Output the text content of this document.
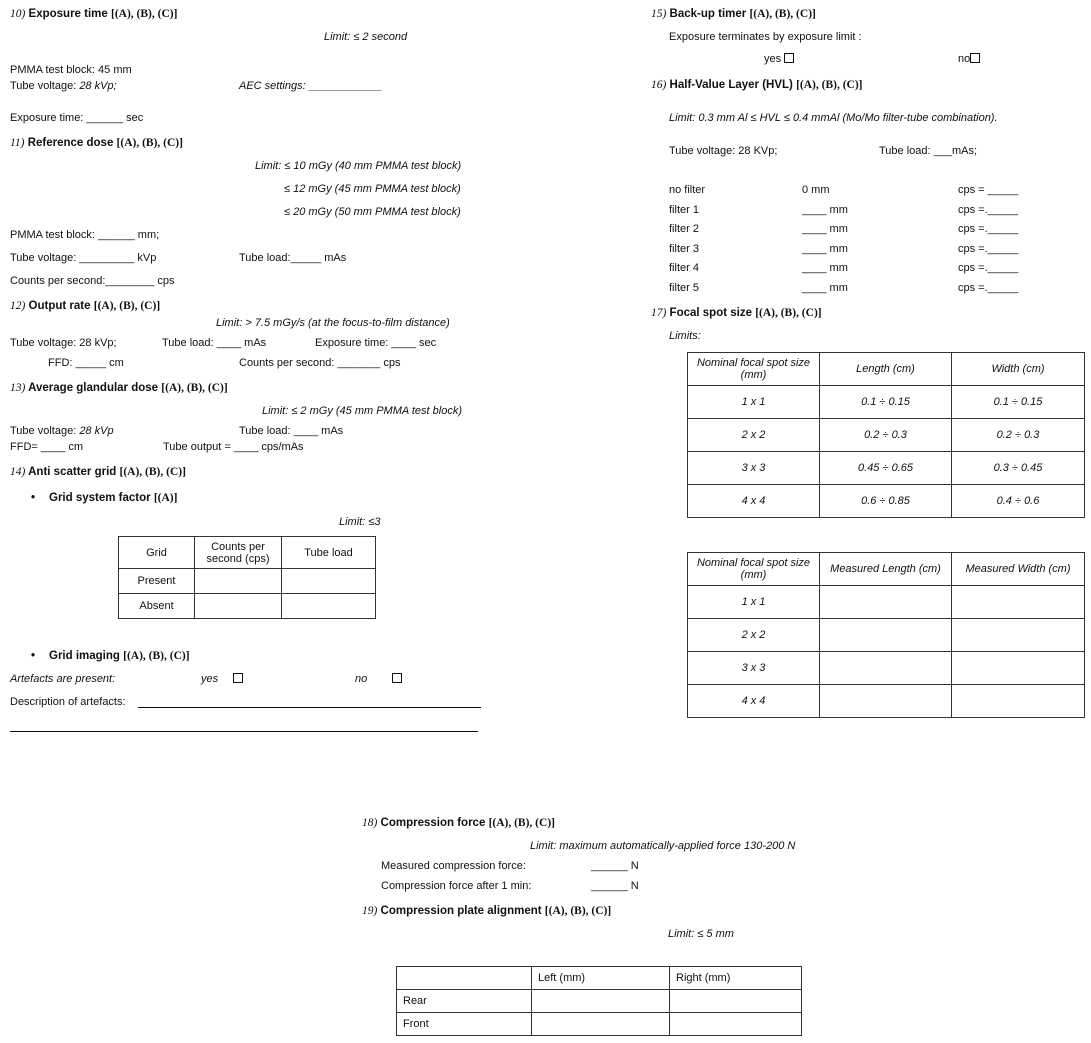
10) Exposure time [(A), (B), (C)]
Limit: ≤ 2 second
PMMA test block: 45 mm
Tube voltage: 28 kVp;	AEC settings: ____________
Exposure time: ______ sec
11) Reference dose [(A), (B), (C)]
Limit: ≤ 10 mGy (40 mm PMMA test block)
≤ 12 mGy (45 mm PMMA test block)
≤ 20 mGy (50 mm PMMA test block)
PMMA test block: ______ mm;
Tube voltage: _________ kVp	Tube load:_____ mAs
Counts per second:________ cps
12) Output rate [(A), (B), (C)]
Limit: > 7.5 mGy/s (at the focus-to-film distance)
Tube voltage: 28 kVp;	Tube load: ____ mAs	Exposure time: ____ sec
FFD: _____ cm	Counts per second: _______ cps
13) Average glandular dose [(A), (B), (C)]
Limit: ≤ 2 mGy (45 mm PMMA test block)
Tube voltage: 28 kVp	Tube load: ____ mAs
FFD= ____ cm	Tube output = ____ cps/mAs
14) Anti scatter grid [(A), (B), (C)]
• Grid system factor [(A)]
Limit: ≤3
Grid	Counts per second (cps)	Tube load
Present		
Absent		
• Grid imaging [(A), (B), (C)]
Artefacts are present:	yes	no
Description of artefacts:
15) Back-up timer [(A), (B), (C)]
Exposure terminates by exposure limit :
yes	no
16) Half-Value Layer (HVL) [(A), (B), (C)]
Limit: 0.3 mm Al ≤ HVL ≤ 0.4 mmAl (Mo/Mo filter-tube combination).
Tube voltage: 28 KVp;	Tube load: ___mAs;
no filter	0 mm	cps = _____
filter 1	____ mm	cps =._____
filter 2	____ mm	cps =._____
filter 3	____ mm	cps =._____
filter 4	____ mm	cps =._____
filter 5	____ mm	cps =._____
17) Focal spot size [(A), (B), (C)]
Limits:
Nominal focal spot size (mm)	Length (cm)	Width (cm)
1 x 1	0.1 ÷ 0.15	0.1 ÷ 0.15
2 x 2	0.2 ÷ 0.3	0.2 ÷ 0.3
3 x 3	0.45 ÷ 0.65	0.3 ÷ 0.45
4 x 4	0.6 ÷ 0.85	0.4 ÷ 0.6
Nominal focal spot size (mm)	Measured Length (cm)	Measured Width (cm)
1 x 1		
2 x 2		
3 x 3		
4 x 4		
18) Compression force [(A), (B), (C)]
Limit: maximum automatically-applied force 130-200 N
Measured compression force:	______ N
Compression force after 1 min:	______ N
19) Compression plate alignment [(A), (B), (C)]
Limit: ≤ 5 mm
	Left (mm)	Right (mm)
Rear		
Front		
